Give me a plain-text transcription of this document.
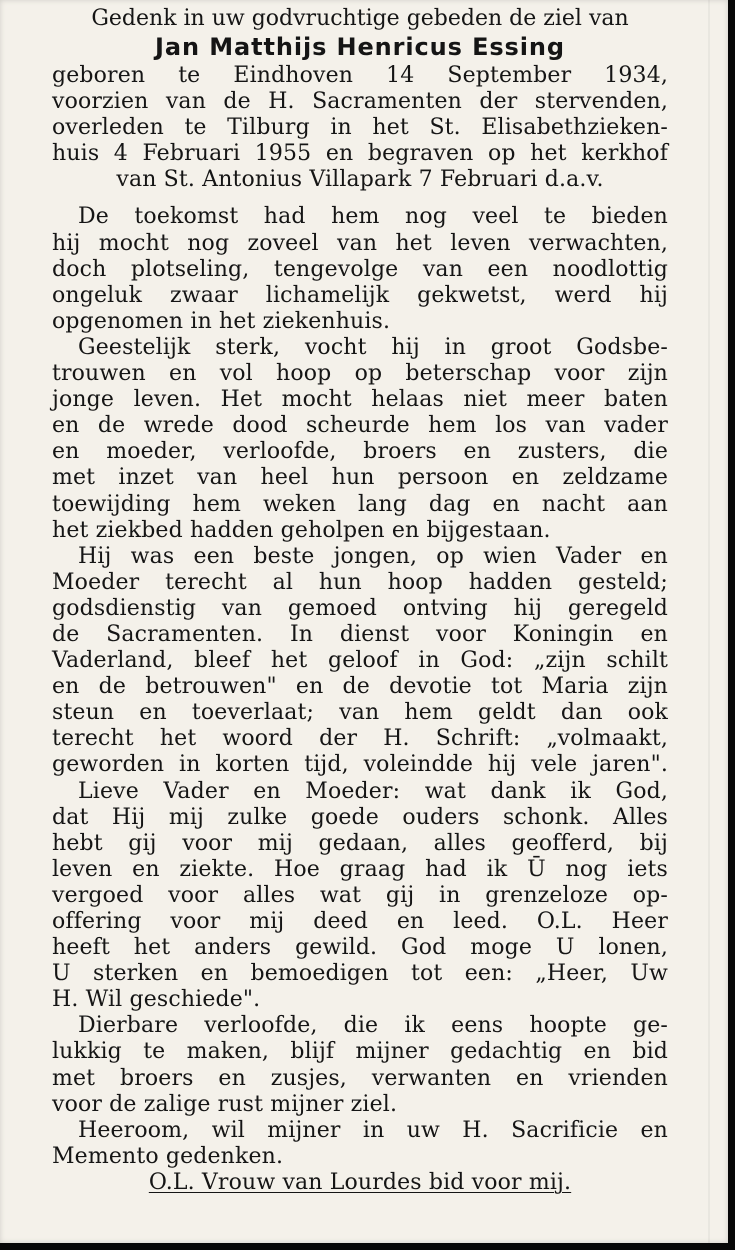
Gedenk in uw godvruchtige gebeden de ziel van
Jan Matthijs Henricus Essing
geboren te Eindhoven 14 September 1934,
voorzien van de H. Sacramenten der stervenden,
overleden te Tilburg in het St. Elisabethzieken-
huis 4 Februari 1955 en begraven op het kerkhof
van St. Antonius Villapark 7 Februari d.a.v.
De toekomst had hem nog veel te bieden
hij mocht nog zoveel van het leven verwachten,
doch plotseling, tengevolge van een noodlottig
ongeluk zwaar lichamelijk gekwetst, werd hij
opgenomen in het ziekenhuis.
Geestelijk sterk, vocht hij in groot Godsbe-
trouwen en vol hoop op beterschap voor zijn
jonge leven. Het mocht helaas niet meer baten
en de wrede dood scheurde hem los van vader
en moeder, verloofde, broers en zusters, die
met inzet van heel hun persoon en zeldzame
toewijding hem weken lang dag en nacht aan
het ziekbed hadden geholpen en bijgestaan.
Hij was een beste jongen, op wien Vader en
Moeder terecht al hun hoop hadden gesteld;
godsdienstig van gemoed ontving hij geregeld
de Sacramenten. In dienst voor Koningin en
Vaderland, bleef het geloof in God: „zijn schilt
en de betrouwen" en de devotie tot Maria zijn
steun en toeverlaat; van hem geldt dan ook
terecht het woord der H. Schrift: „volmaakt,
geworden in korten tijd, voleindde hij vele jaren".
Lieve Vader en Moeder: wat dank ik God,
dat Hij mij zulke goede ouders schonk. Alles
hebt gij voor mij gedaan, alles geofferd, bij
leven en ziekte. Hoe graag had ik Ū nog iets
vergoed voor alles wat gij in grenzeloze op-
offering voor mij deed en leed. O.L. Heer
heeft het anders gewild. God moge U lonen,
U sterken en bemoedigen tot een: „Heer, Uw
H. Wil geschiede".
Dierbare verloofde, die ik eens hoopte ge-
lukkig te maken, blijf mijner gedachtig en bid
met broers en zusjes, verwanten en vrienden
voor de zalige rust mijner ziel.
Heeroom, wil mijner in uw H. Sacrificie en
Memento gedenken.
O.L. Vrouw van Lourdes bid voor mij.
